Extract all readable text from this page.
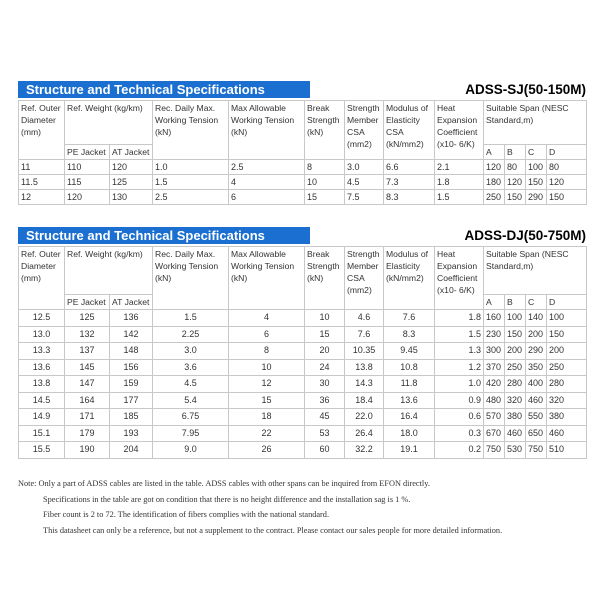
Structure and Technical Specifications	ADSS-SJ(50-150M)
Ref. Outer Diameter (mm)	Ref. Weight (kg/km)		Rec. Daily Max. Working Tension (kN)	Max Allowable Working Tension (kN)	Break Strength (kN)	Strength Member CSA (mm2)	Modulus of Elasticity CSA (kN/mm2)	Heat Expansion Coefficient (x10- 6/K)	Suitable Span (NESC Standard,m)			
	PE Jacket	AT Jacket							A	B	C	D
11	110	120	1.0	2.5	8	3.0	6.6	2.1	120	80	100	80
11.5	115	125	1.5	4	10	4.5	7.3	1.8	180	120	150	120
12	120	130	2.5	6	15	7.5	8.3	1.5	250	150	290	150
Structure and Technical Specifications	ADSS-DJ(50-750M)
Ref. Outer Diameter (mm)	Ref. Weight (kg/km)		Rec. Daily Max. Working Tension (kN)	Max Allowable Working Tension (kN)	Break Strength (kN)	Strength Member CSA (mm2)	Modulus of Elasticity (kN/mm2)	Heat Expansion Coefficient (x10- 6/K)	Suitable Span (NESC Standard,m)			
	PE Jacket	AT Jacket							A	B	C	D
12.5	125	136	1.5	4	10	4.6	7.6	1.8	160	100	140	100
13.0	132	142	2.25	6	15	7.6	8.3	1.5	230	150	200	150
13.3	137	148	3.0	8	20	10.35	9.45	1.3	300	200	290	200
13.6	145	156	3.6	10	24	13.8	10.8	1.2	370	250	350	250
13.8	147	159	4.5	12	30	14.3	11.8	1.0	420	280	400	280
14.5	164	177	5.4	15	36	18.4	13.6	0.9	480	320	460	320
14.9	171	185	6.75	18	45	22.0	16.4	0.6	570	380	550	380
15.1	179	193	7.95	22	53	26.4	18.0	0.3	670	460	650	460
15.5	190	204	9.0	26	60	32.2	19.1	0.2	750	530	750	510
Note: Only a part of ADSS cables are listed in the table. ADSS cables with other spans can be inquired from EFON directly.
Specifications in the table are got on condition that there is no height difference and the installation sag is 1 %.
Fiber count is 2 to 72. The identification of fibers complies with the national standard.
This datasheet can only be a reference, but not a supplement to the contract. Please contact our sales people for more detailed information.
